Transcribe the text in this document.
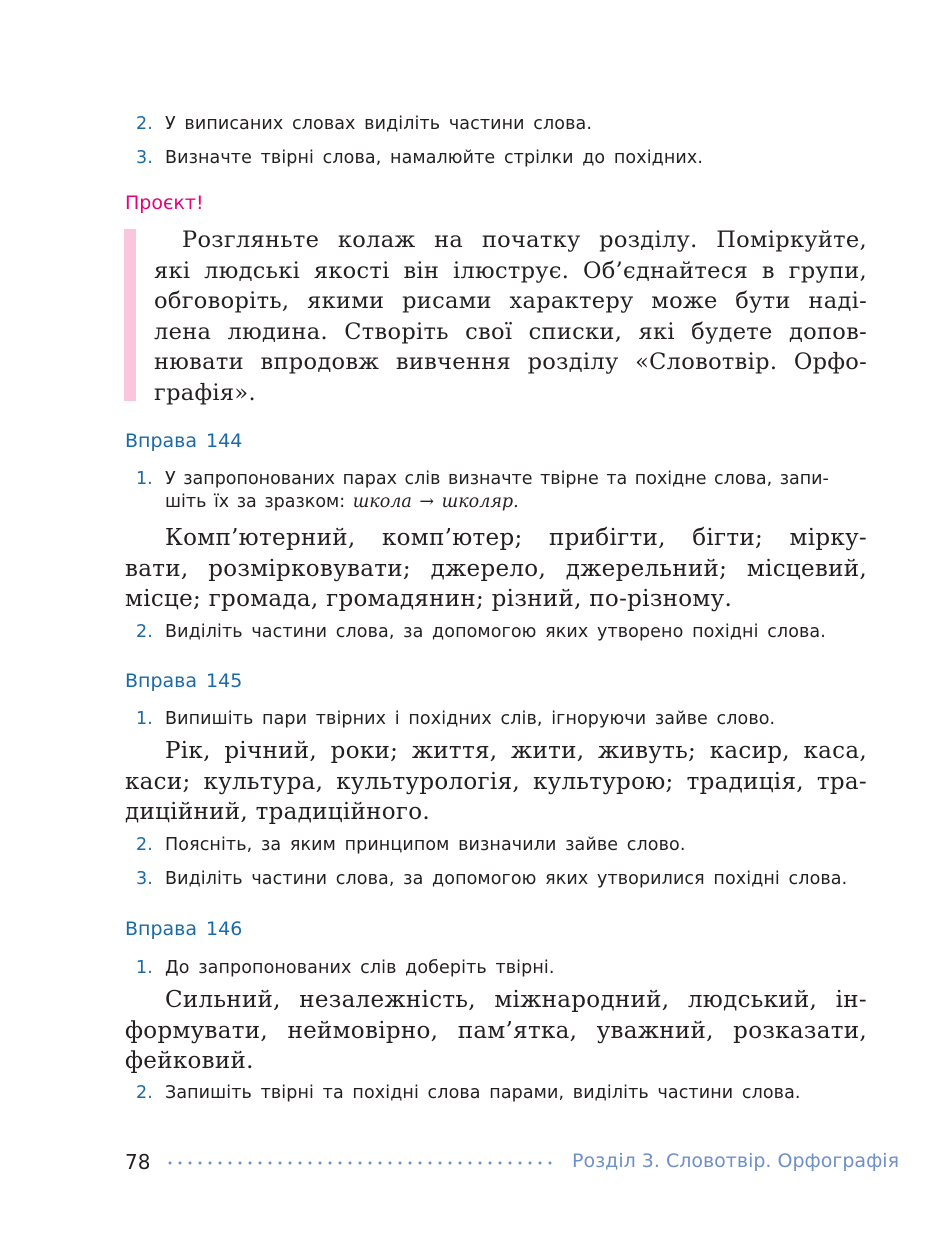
2. У виписаних словах виділіть частини слова.
3. Визначте твірні слова, намалюйте стрілки до похідних.
Проєкт!
Розгляньте колаж на початку розділу. Поміркуйте,
які людські якості він ілюструє. Об’єднайтеся в групи,
обговоріть, якими рисами характеру може бути наді-
лена людина. Створіть свої списки, які будете допов-
нювати впродовж вивчення розділу «Словотвір. Орфо-
графія».
Вправа 144
1. У запропонованих парах слів визначте твірне та похідне слова, запи-
шіть їх за зразком: школа → школяр.
Комп’ютерний, комп’ютер; прибігти, бігти; мірку-
вати, розмірковувати; джерело, джерельний; місцевий,
місце; громада, громадянин; різний, по-різному.
2. Виділіть частини слова, за допомогою яких утворено похідні слова.
Вправа 145
1. Випишіть пари твірних і похідних слів, ігноруючи зайве слово.
Рік, річний, роки; життя, жити, живуть; касир, каса,
каси; культура, культурологія, культурою; традиція, тра-
диційний, традиційного.
2. Поясніть, за яким принципом визначили зайве слово.
3. Виділіть частини слова, за допомогою яких утворилися похідні слова.
Вправа 146
1. До запропонованих слів доберіть твірні.
Сильний, незалежність, міжнародний, людський, ін-
формувати, неймовірно, пам’ятка, уважний, розказати,
фейковий.
2. Запишіть твірні та похідні слова парами, виділіть частини слова.
78	Розділ 3. Словотвір. Орфографія
